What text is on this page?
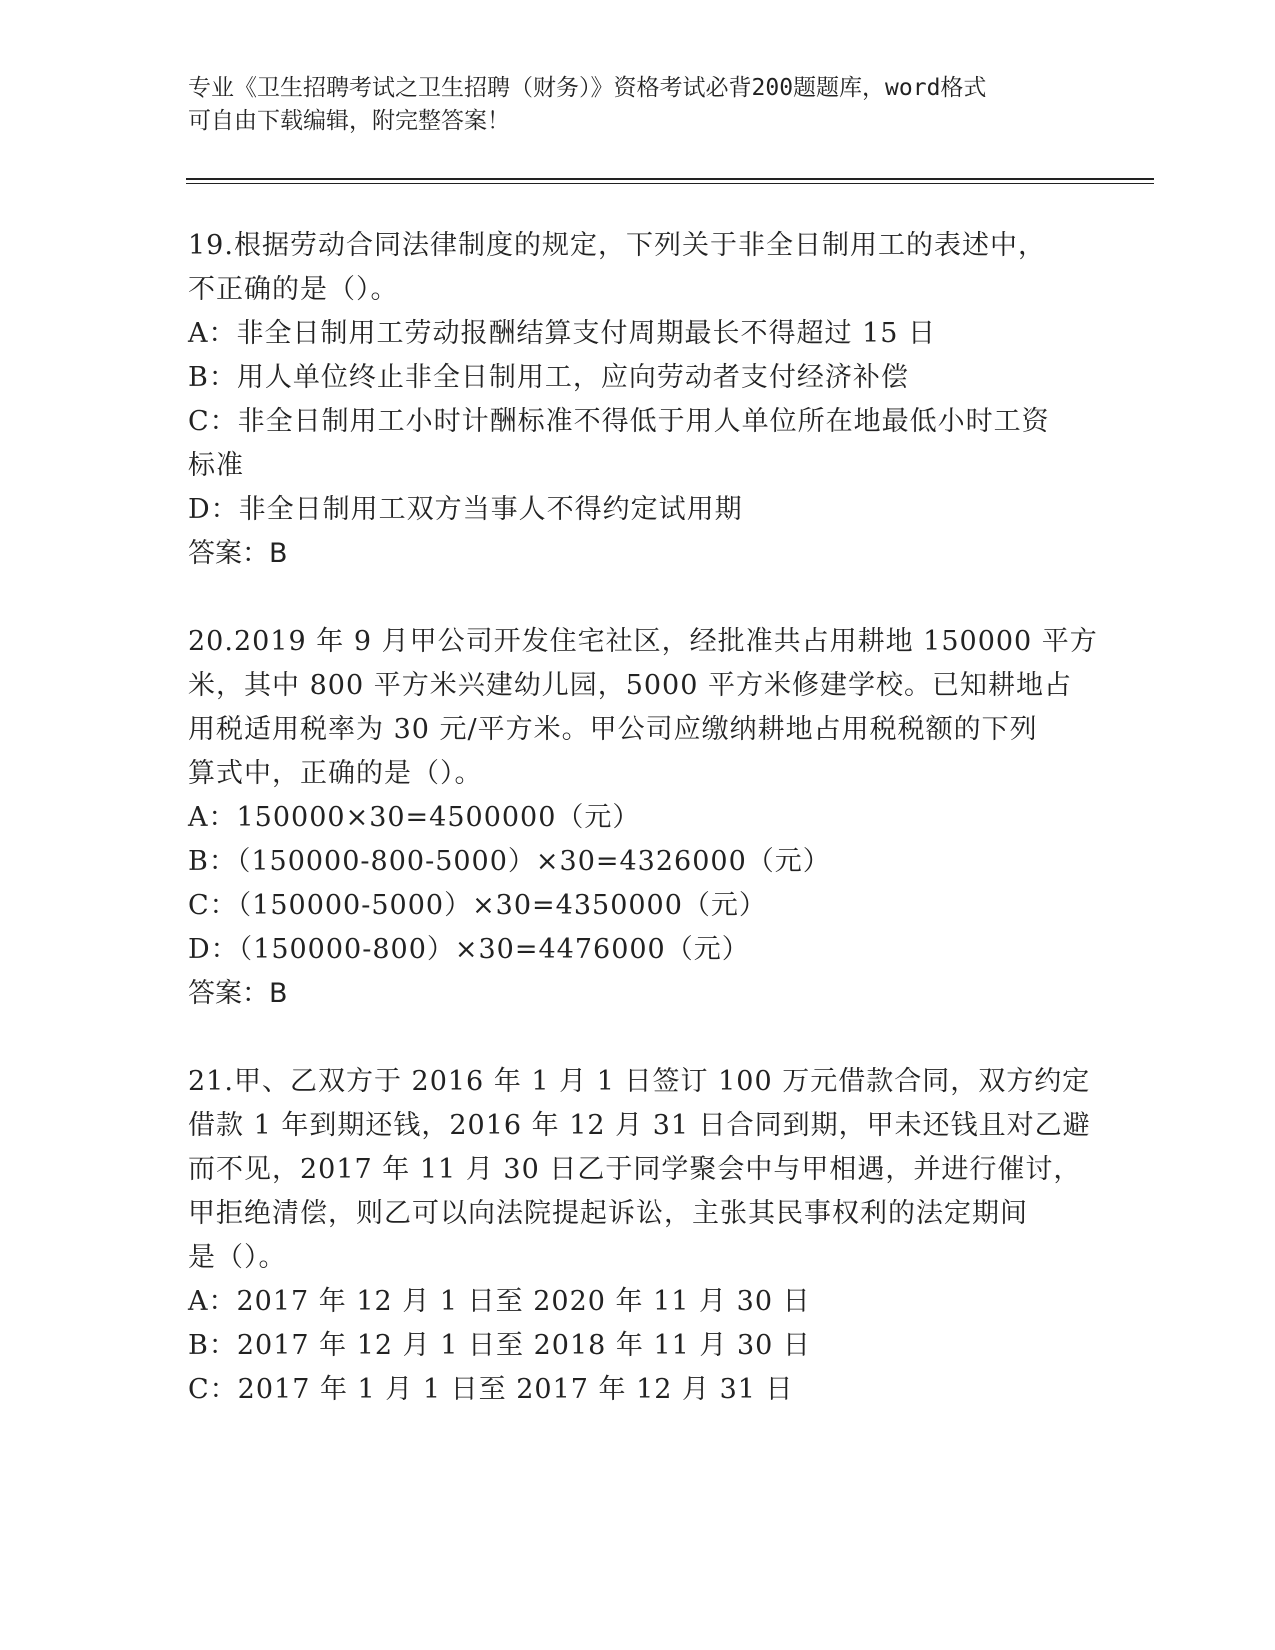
专业《卫生招聘考试之卫生招聘（财务）》资格考试必背200题题库，word格式
可自由下载编辑，附完整答案！
19.根据劳动合同法律制度的规定，下列关于非全日制用工的表述中，
不正确的是（）。
A：非全日制用工劳动报酬结算支付周期最长不得超过 15 日
B：用人单位终止非全日制用工，应向劳动者支付经济补偿
C：非全日制用工小时计酬标准不得低于用人单位所在地最低小时工资
标准
D：非全日制用工双方当事人不得约定试用期
答案：B
20.2019 年 9 月甲公司开发住宅社区，经批准共占用耕地 150000 平方
米，其中 800 平方米兴建幼儿园，5000 平方米修建学校。已知耕地占
用税适用税率为 30 元/平方米。甲公司应缴纳耕地占用税税额的下列
算式中，正确的是（）。
A：150000×30=4500000（元）
B：（150000-800-5000）×30=4326000（元）
C：（150000-5000）×30=4350000（元）
D：（150000-800）×30=4476000（元）
答案：B
21.甲、乙双方于 2016 年 1 月 1 日签订 100 万元借款合同，双方约定
借款 1 年到期还钱，2016 年 12 月 31 日合同到期，甲未还钱且对乙避
而不见，2017 年 11 月 30 日乙于同学聚会中与甲相遇，并进行催讨，
甲拒绝清偿，则乙可以向法院提起诉讼，主张其民事权利的法定期间
是（）。
A：2017 年 12 月 1 日至 2020 年 11 月 30 日
B：2017 年 12 月 1 日至 2018 年 11 月 30 日
C：2017 年 1 月 1 日至 2017 年 12 月 31 日
